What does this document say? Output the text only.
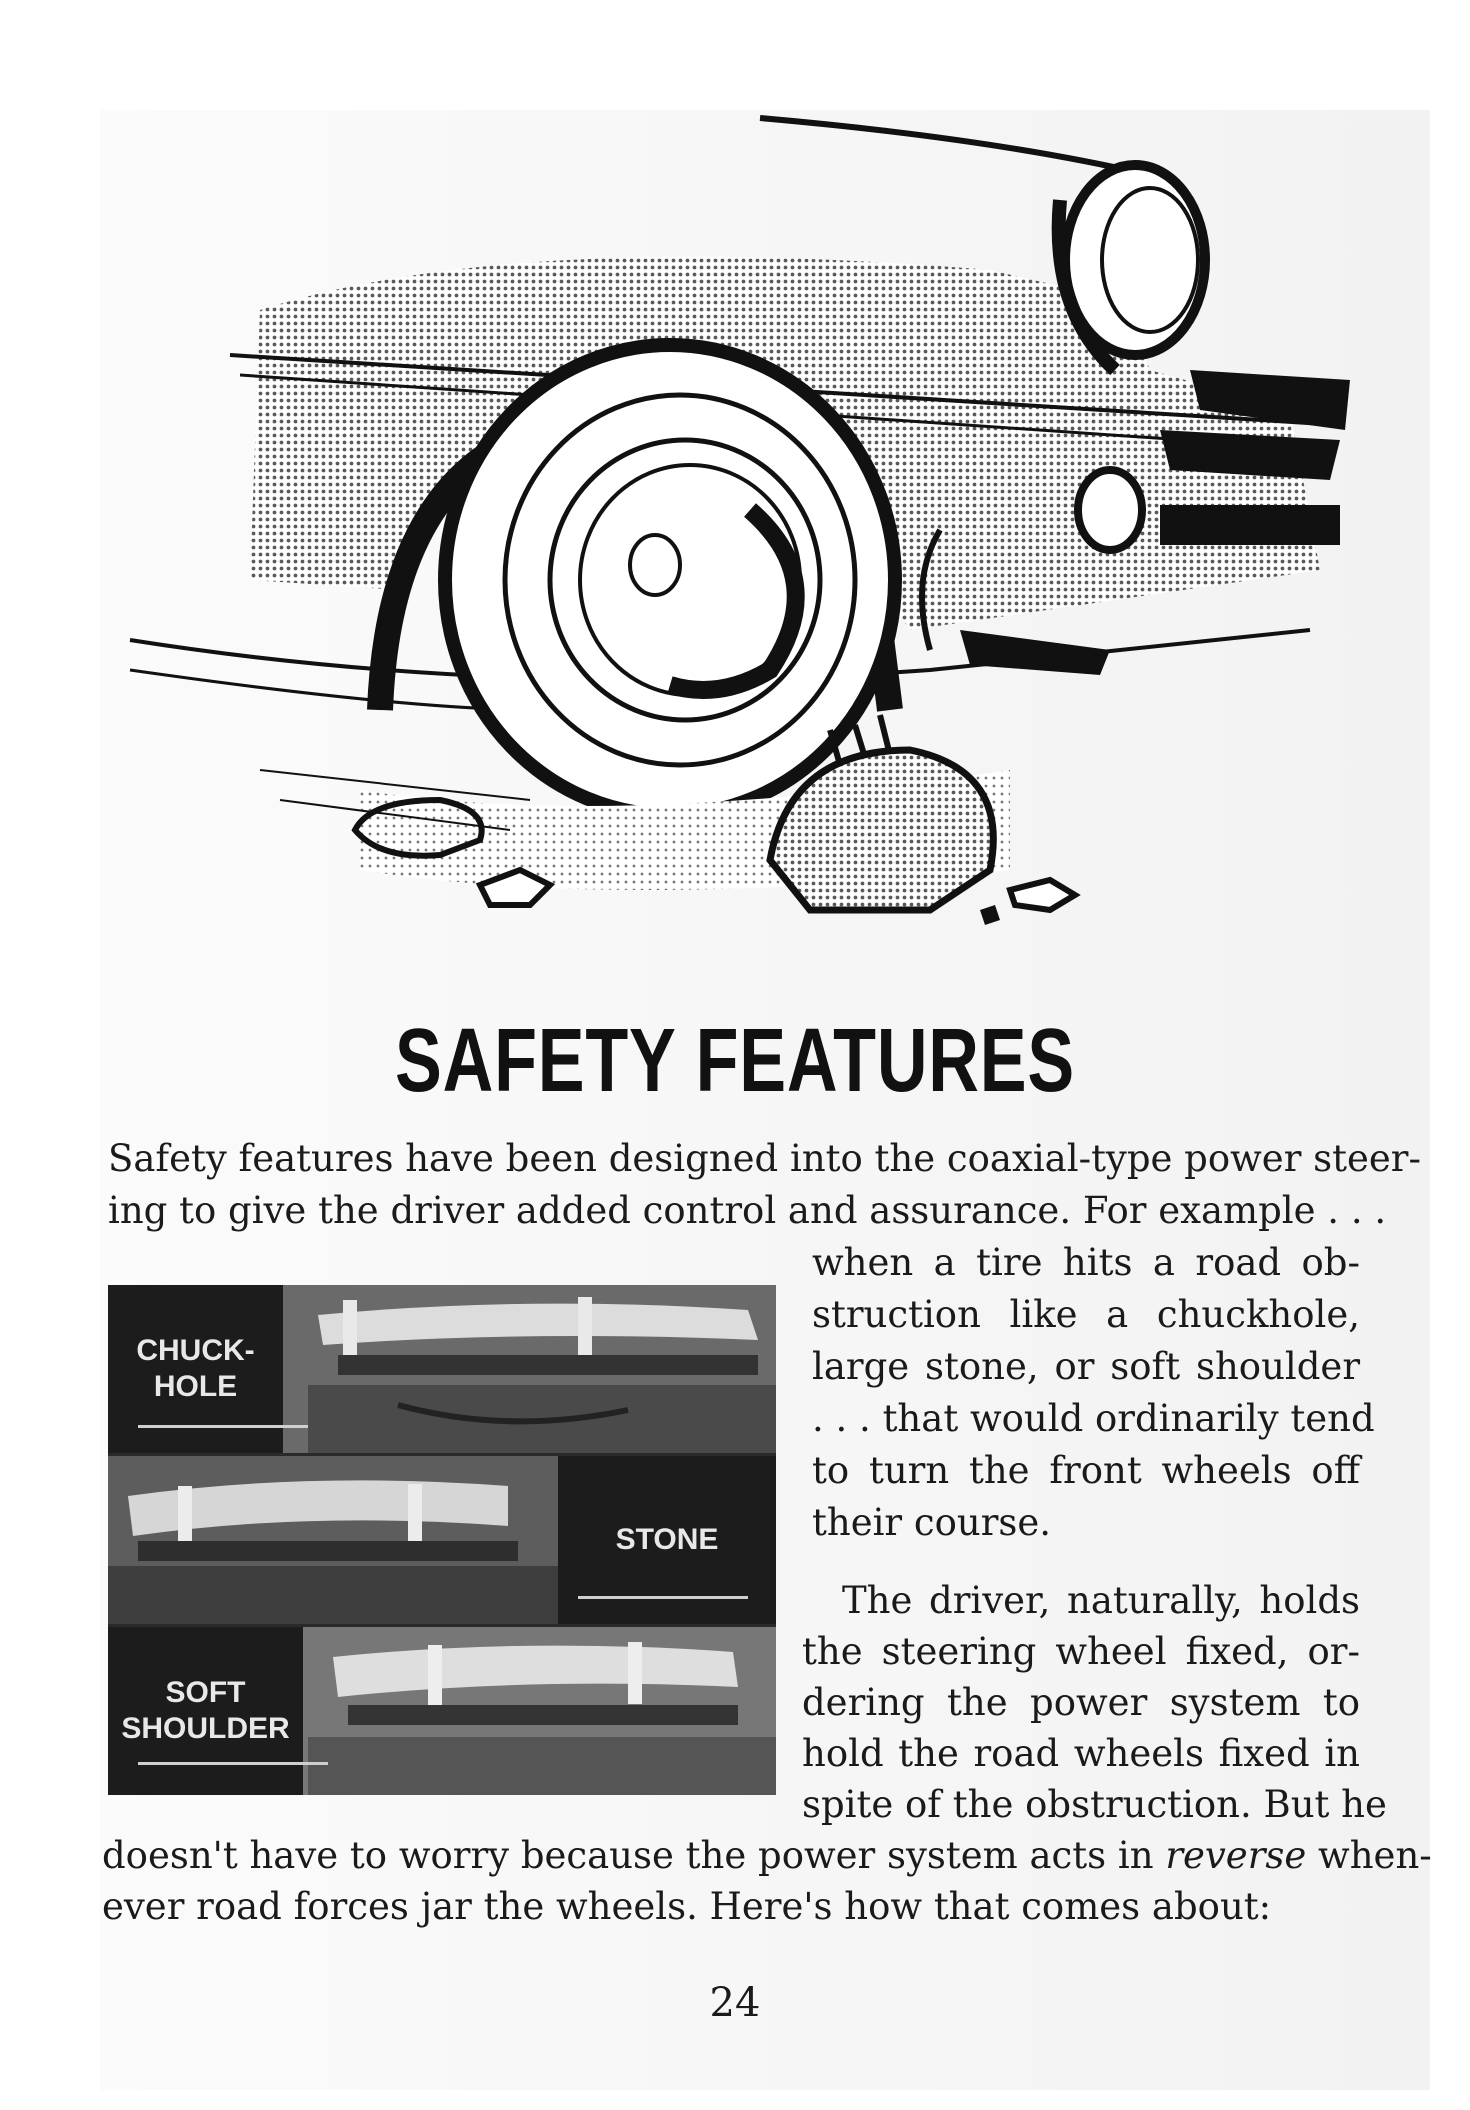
SAFETY FEATURES
Safety features have been designed into the coaxial-type power steer-
ing to give the driver added control and assurance. For example . . .
when a tire hits a road ob-
struction like a chuckhole,
large stone, or soft shoulder
. . . that would ordinarily tend
to turn the front wheels off
their course.
The driver, naturally, holds
the steering wheel fixed, or-
dering the power system to
hold the road wheels fixed in
spite of the obstruction. But he
doesn't have to worry because the power system acts in reverse when-
ever road forces jar the wheels. Here's how that comes about:
CHUCK-
HOLE
STONE
SOFT
SHOULDER
24
